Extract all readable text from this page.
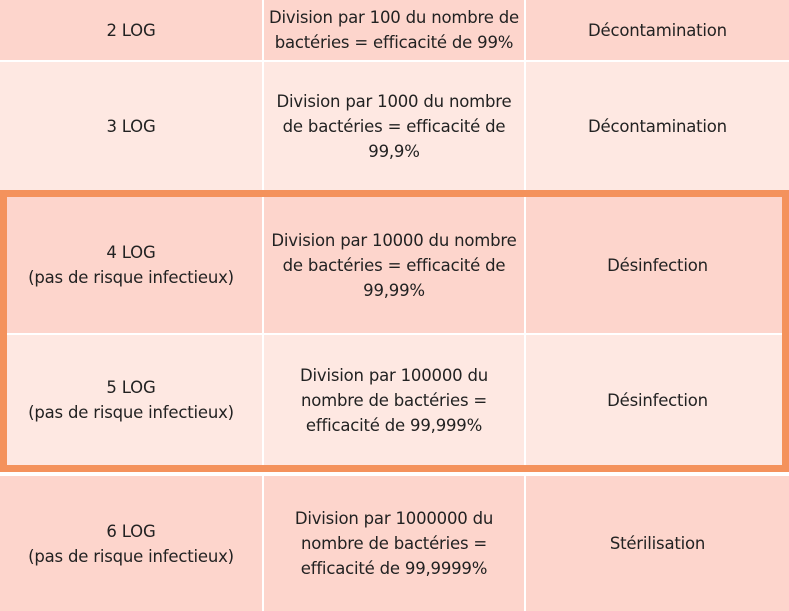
2 LOG
Division par 100 du nombre de bactéries = efficacité de 99%
Décontamination
3 LOG
Division par 1000 du nombre de bactéries = efficacité de 99,9%
Décontamination
4 LOG
(pas de risque infectieux)
Division par 10000 du nombre de bactéries = efficacité de 99,99%
Désinfection
5 LOG
(pas de risque infectieux)
Division par 100000 du nombre de bactéries = efficacité de 99,999%
Désinfection
6 LOG
(pas de risque infectieux)
Division par 1000000 du nombre de bactéries = efficacité de 99,9999%
Stérilisation
